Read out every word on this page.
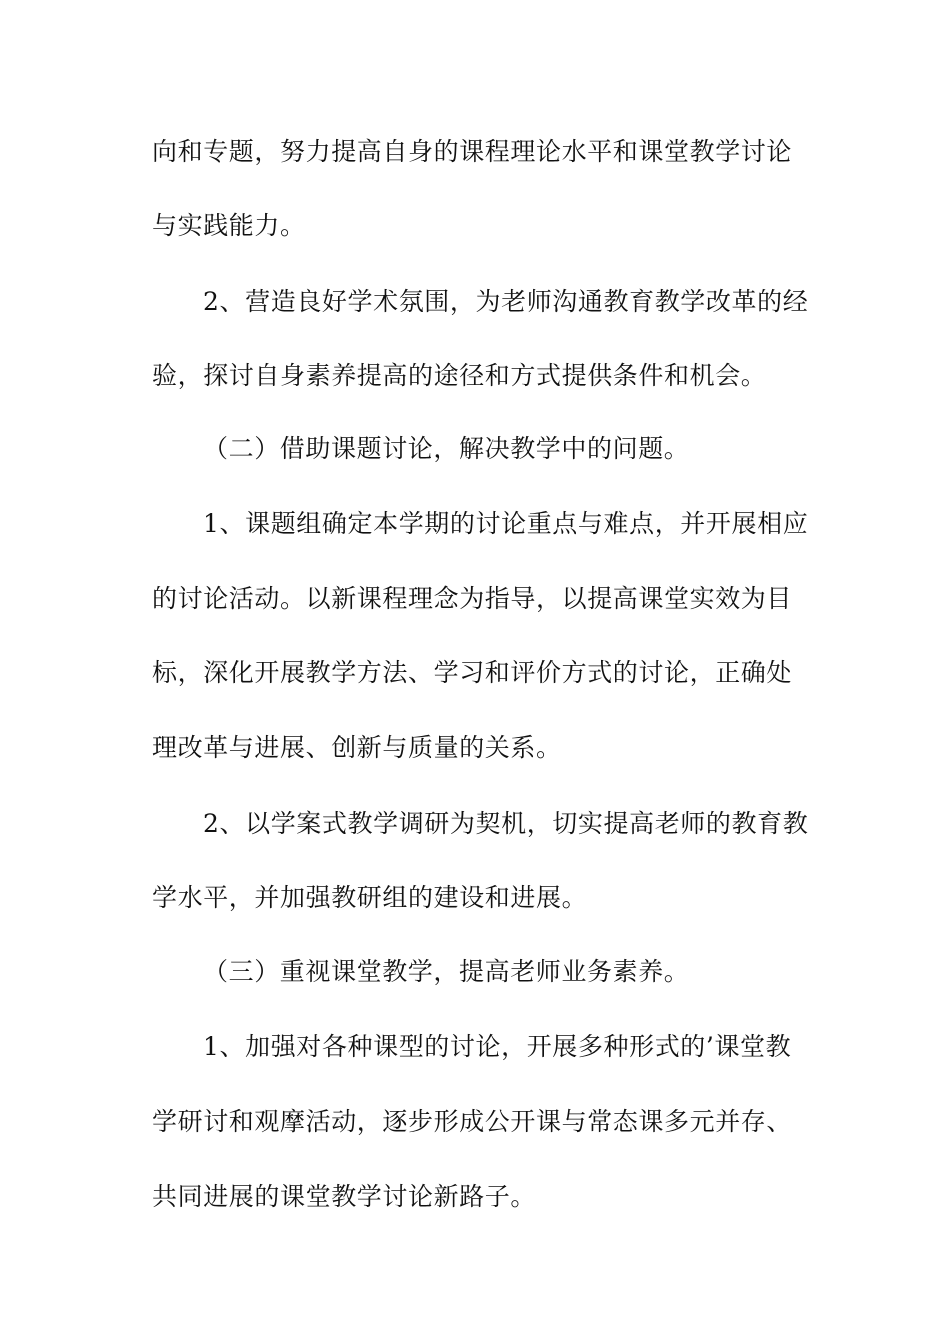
向和专题，努力提高自身的课程理论水平和课堂教学讨论
与实践能力。
2、营造良好学术氛围，为老师沟通教育教学改革的经
验，探讨自身素养提高的途径和方式提供条件和机会。
（二）借助课题讨论，解决教学中的问题。
1、课题组确定本学期的讨论重点与难点，并开展相应
的讨论活动。以新课程理念为指导，以提高课堂实效为目
标，深化开展教学方法、学习和评价方式的讨论，正确处
理改革与进展、创新与质量的关系。
2、以学案式教学调研为契机，切实提高老师的教育教
学水平，并加强教研组的建设和进展。
（三）重视课堂教学，提高老师业务素养。
1、加强对各种课型的讨论，开展多种形式的’课堂教
学研讨和观摩活动，逐步形成公开课与常态课多元并存、
共同进展的课堂教学讨论新路子。
